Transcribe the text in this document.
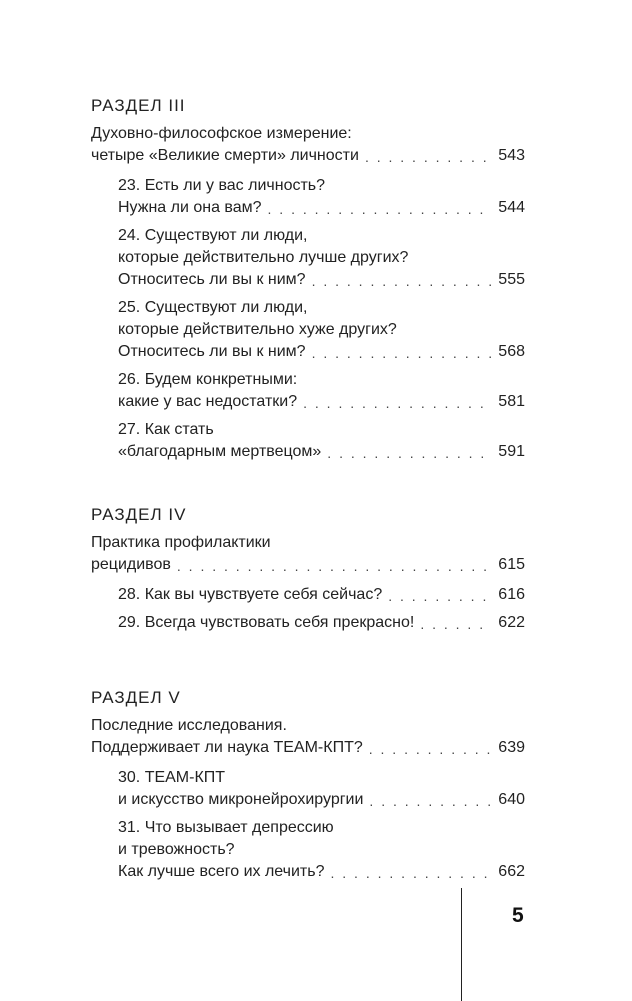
РАЗДЕЛ III
Духовно-философское измерение:
четыре «Великие смерти» личности . . .	543
23. Есть ли у вас личность?
Нужна ли она вам? . . .	544
24. Существуют ли люди,
которые действительно лучше других?
Относитесь ли вы к ним? . . .	555
25. Существуют ли люди,
которые действительно хуже других?
Относитесь ли вы к ним? . . .	568
26. Будем конкретными:
какие у вас недостатки? . . .	581
27. Как стать
«благодарным мертвецом» . . .	591
РАЗДЕЛ IV
Практика профилактики
рецидивов . . .	615
28. Как вы чувствуете себя сейчас? . . .	616
29. Всегда чувствовать себя прекрасно! . . .	622
РАЗДЕЛ V
Последние исследования.
Поддерживает ли наука ТЕАМ-КПТ? . . .	639
30. ТЕАМ-КПТ
и искусство микронейрохирургии . . .	640
31. Что вызывает депрессию
и тревожность?
Как лучше всего их лечить? . . .	662
5
